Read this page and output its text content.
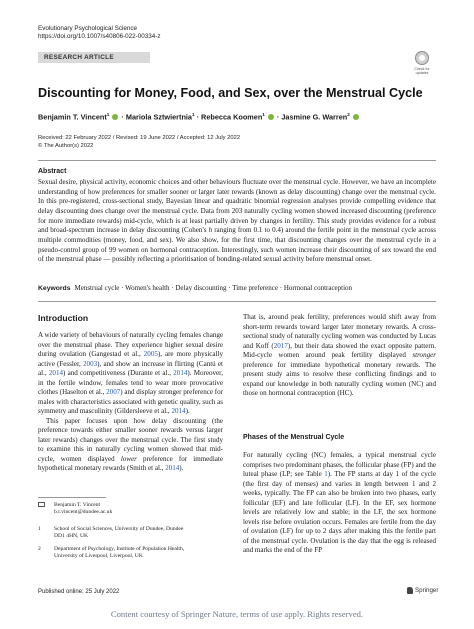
Evolutionary Psychological Science
https://doi.org/10.1007/s40806-022-00334-z
RESEARCH ARTICLE
Check for
updates
Discounting for Money, Food, and Sex, over the Menstrual Cycle
Benjamin T. Vincent$^1$  · Mariola Sztwiertnia$^1$ · Rebecca Koomen$^1$  · Jasmine G. Warren$^2$
Received: 22 February 2022 / Revised: 19 June 2022 / Accepted: 12 July 2022
© The Author(s) 2022
Abstract
Sexual desire, physical activity, economic choices and other behaviours fluctuate over the menstrual cycle. However, we have an incomplete understanding of how preferences for smaller sooner or larger later rewards (known as delay discounting) change over the menstrual cycle. In this pre-registered, cross-sectional study, Bayesian linear and quadratic binomial regression analyses provide compelling evidence that delay discounting does change over the menstrual cycle. Data from 203 naturally cycling women showed increased discounting (preference for more immediate rewards) mid-cycle, which is at least partially driven by changes in fertility. This study provides evidence for a robust and broad-spectrum increase in delay discounting (Cohen's h ranging from 0.1 to 0.4) around the fertile point in the menstrual cycle across multiple commodities (money, food, and sex). We also show, for the first time, that discounting changes over the menstrual cycle in a pseudo-control group of 99 women on hormonal contraception. Interestingly, such women increase their discounting of sex toward the end of the menstrual phase — possibly reflecting a prioritisation of bonding-related sexual activity before menstrual onset.
Keywords Menstrual cycle · Women's health · Delay discounting · Time preference · Hormonal contraception
Introduction

A wide variety of behaviours of naturally cycling females change over the menstrual phase. They experience higher sexual desire during ovulation (Gangestad et al., 2005), are more physically active (Fessler, 2003), and show an increase in flirting (Cantú et al., 2014) and competitiveness (Durante et al., 2014). Moreover, in the fertile window, females tend to wear more provocative clothes (Haselton et al., 2007) and display stronger preference for males with characteristics associated with genetic quality, such as symmetry and masculinity (Gildersleeve et al., 2014).

This paper focuses upon how delay discounting (the preference towards either smaller sooner rewards versus larger later rewards) changes over the menstrual cycle. The first study to examine this in naturally cycling women showed that mid-cycle, women displayed lower preference for immediate hypothetical monetary rewards (Smith et al., 2014).

That is, around peak fertility, preferences would shift away from short-term rewards toward larger later monetary rewards. A cross-sectional study of naturally cycling women was conducted by Lucas and Koff (2017), but their data showed the exact opposite pattern. Mid-cycle women around peak fertility displayed stronger preference for immediate hypothetical monetary rewards. The present study aims to resolve these conflicting findings and to expand our knowledge in both naturally cycling women (NC) and those on hormonal contraception (HC).

Phases of the Menstrual Cycle

For naturally cycling (NC) females, a typical menstrual cycle comprises two predominant phases, the follicular phase (FP) and the luteal phase (LP; see Table 1). The FP starts at day 1 of the cycle (the first day of menses) and varies in length between 1 and 2 weeks, typically. The FP can also be broken into two phases, early follicular (EF) and late follicular (LF). In the EF, sex hormone levels are relatively low and stable; in the LF, the sex hormone levels rise before ovulation occurs. Females are fertile from the day of ovulation (LF) for up to 2 days after making this the fertile part of the menstrual cycle. Ovulation is the day that the egg is released and marks the end of the FP

Benjamin T. Vincent
b.t.vincent@dundee.ac.uk
1	School of Social Sciences, University of Dundee, Dundee DD1 4HN, UK
2	Department of Psychology, Institute of Population Health, University of Liverpool, Liverpool, UK
Published online: 25 July 2022	Springer
Content courtesy of Springer Nature, terms of use apply. Rights reserved.
